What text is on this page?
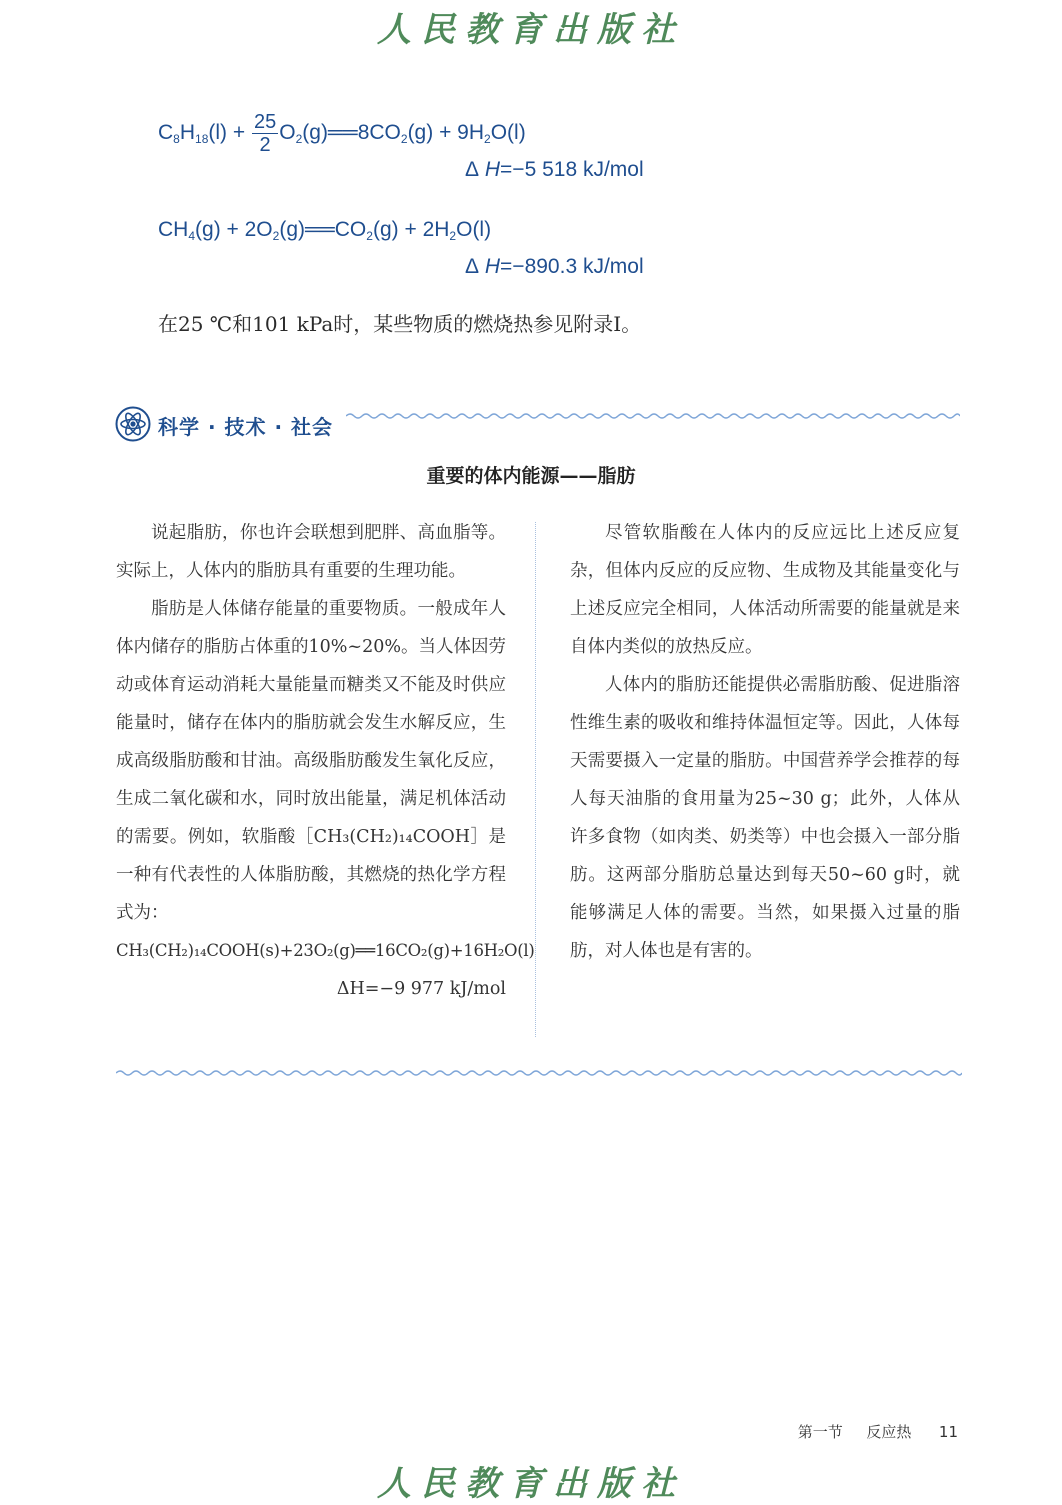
人民教育出版社
$C_8H_{18}(l) + \frac{25}{2}$ $O_2(g)══8CO_2(g) + 9H_2O(l)$
Δ H=−5 518 kJ/mol
$CH_4(g)$ + $2O_2(g)══CO_2(g) + 2H_2O(l)$
Δ H=−890.3 kJ/mol
在25 ℃和101 kPa时，某些物质的燃烧热参见附录Ⅰ。
科学 · 技术 · 社会
重要的体内能源——脂肪

说起脂肪，你也许会联想到肥胖、高血脂等。实际上，人体内的脂肪具有重要的生理功能。

脂肪是人体储存能量的重要物质。一般成年人体内储存的脂肪占体重的10%~20%。当人体因劳动或体育运动消耗大量能量而糖类又不能及时供应能量时，储存在体内的脂肪就会发生水解反应，生成高级脂肪酸和甘油。高级脂肪酸发生氧化反应，生成二氧化碳和水，同时放出能量，满足机体活动的需要。例如，软脂酸［CH₃(CH₂)₁₄COOH］是一种有代表性的人体脂肪酸，其燃烧的热化学方程式为：

CH₃(CH₂)₁₄COOH(s)+23O₂(g)══16CO₂(g)+16H₂O(l)
ΔH=−9 977 kJ/mol

尽管软脂酸在人体内的反应远比上述反应复杂，但体内反应的反应物、生成物及其能量变化与上述反应完全相同，人体活动所需要的能量就是来自体内类似的放热反应。

人体内的脂肪还能提供必需脂肪酸、促进脂溶性维生素的吸收和维持体温恒定等。因此，人体每天需要摄入一定量的脂肪。中国营养学会推荐的每人每天油脂的食用量为25~30 g；此外，人体从许多食物（如肉类、奶类等）中也会摄入一部分脂肪。这两部分脂肪总量达到每天50~60 g时，就能够满足人体的需要。当然，如果摄入过量的脂肪，对人体也是有害的。

第一节 反应热 11
人民教育出版社
